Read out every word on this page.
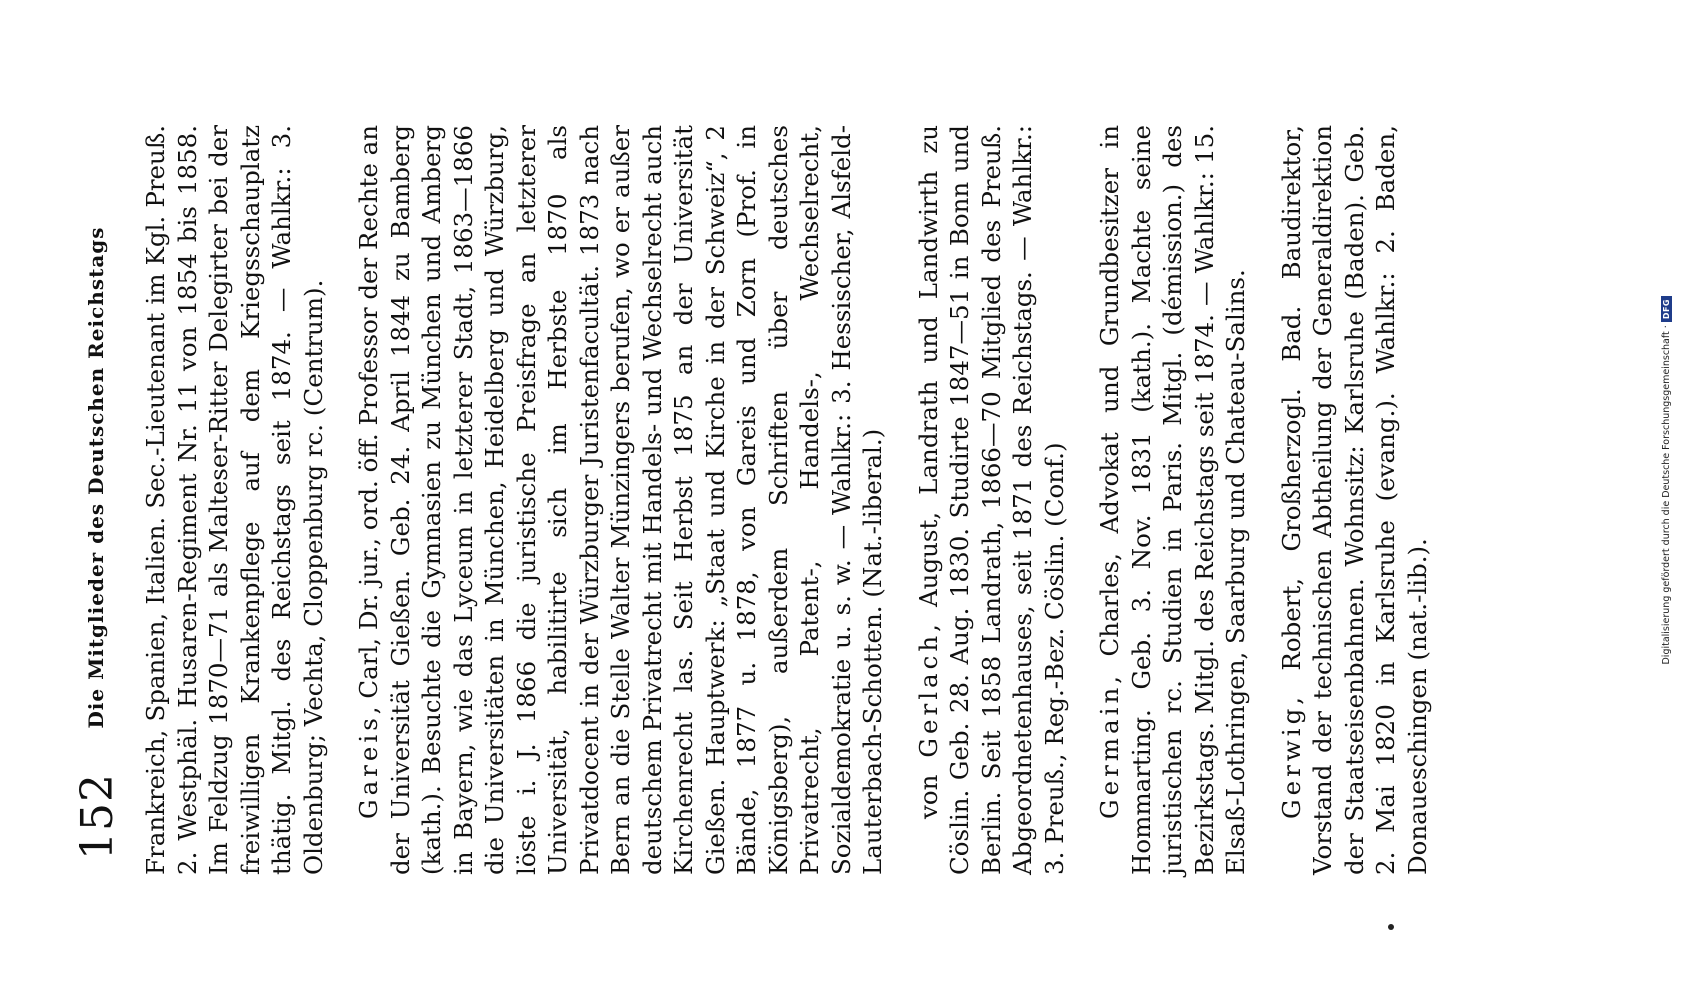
152
Die Mitglieder des Deutschen Reichstags Frankreich, Spanien, Italien. Sec.-Lieutenant im Kgl. Preuß. 2. Westphäl. Husaren-Regiment Nr. 11 von 1854 bis 1858. Im Feldzug 1870—71 als Malteser-Ritter Delegirter bei der freiwilligen Krankenpflege auf dem Kriegsschauplatz thätig. Mitgl. des Reichstags seit 1874. — Wahlkr.: 3. Oldenburg; Vechta, Cloppenburg rc. (Centrum). Gareis, Carl, Dr. jur., ord. öff. Professor der Rechte an der Universität Gießen. Geb. 24. April 1844 zu Bamberg (kath.). Besuchte die Gymnasien zu München und Amberg in Bayern, wie das Lyceum in letzterer Stadt, 1863—1866 die Universitäten in München, Heidelberg und Würzburg, löste i. J. 1866 die juristische Preisfrage an letzterer Universität, habilitirte sich im Herbste 1870 als Privatdocent in der Würzburger Juristenfacultät. 1873 nach Bern an die Stelle Walter Münzingers berufen, wo er außer deutschem Privatrecht mit Handels- und Wechselrecht auch Kirchenrecht las. Seit Herbst 1875 an der Universität Gießen. Hauptwerk: „Staat und Kirche in der Schweiz“, 2 Bände, 1877 u. 1878, von Gareis und Zorn (Prof. in Königsberg), außerdem Schriften über deutsches Privatrecht, Patent-, Handels-, Wechselrecht, Sozialdemokratie u. s. w. — Wahlkr.: 3. Hessischer, Alsfeld-Lauterbach-Schotten. (Nat.-liberal.) von Gerlach, August, Landrath und Landwirth zu Cöslin. Geb. 28. Aug. 1830. Studirte 1847—51 in Bonn und Berlin. Seit 1858 Landrath, 1866—70 Mitglied des Preuß. Abgeordnetenhauses, seit 1871 des Reichstags. — Wahlkr.: 3. Preuß., Reg.-Bez. Cöslin. (Conf.) Germain, Charles, Advokat und Grundbesitzer in Hommarting. Geb. 3. Nov. 1831 (kath.). Machte seine juristischen rc. Studien in Paris. Mitgl. (démission.) des Bezirkstags. Mitgl. des Reichstags seit 1874. — Wahlkr.: 15. Elsaß-Lothringen, Saarburg und Chateau-Salins. Gerwig, Robert, Großherzogl. Bad. Baudirektor, Vorstand der technischen Abtheilung der Generaldirektion der Staatseisenbahnen. Wohnsitz: Karlsruhe (Baden). Geb. 2. Mai 1820 in Karlsruhe (evang.). Wahlkr.: 2. Baden, Donaueschingen (nat.-lib.).

Digitalisierung gefördert durch die Deutsche Forschungsgemeinschaft ·
DFG
